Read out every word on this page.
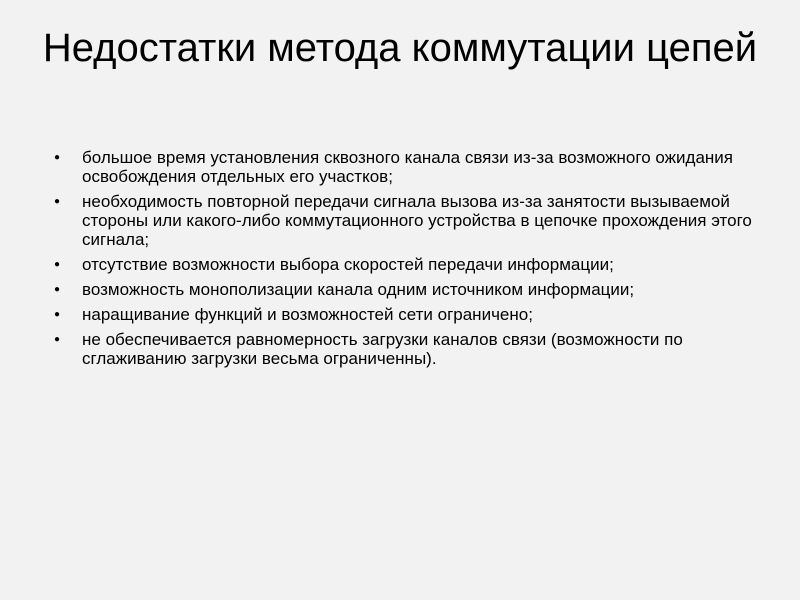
Недостатки метода коммутации цепей
● большое время установления сквозного канала связи из-за возможного ожидания освобождения отдельных его участков;
● необходимость повторной передачи сигнала вызова из-за занятости вызываемой стороны или какого-либо коммутационного устройства в цепочке прохождения этого сигнала;
● отсутствие возможности выбора скоростей передачи информации;
● возможность монополизации канала одним источником информации;
● наращивание функций и возможностей сети ограничено;
● не обеспечивается равномерность загрузки каналов связи (возможности по сглаживанию загрузки весьма ограниченны).
